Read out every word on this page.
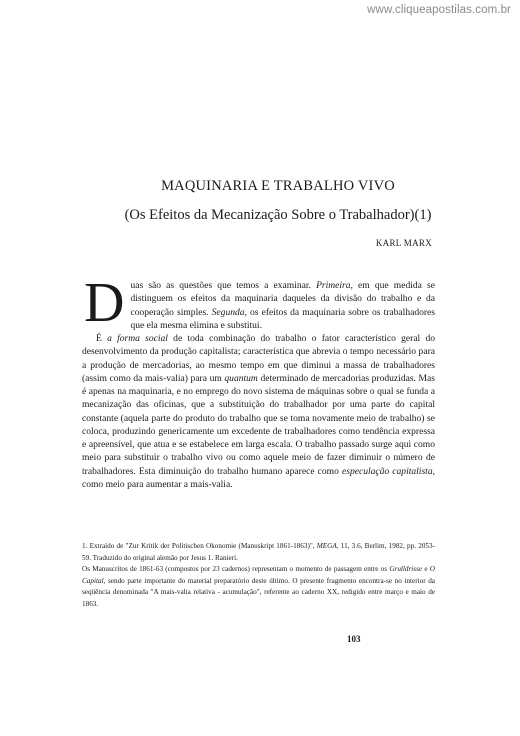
www.cliqueapostilas.com.br
MAQUINARIA E TRABALHO VIVO
(Os Efeitos da Mecanização Sobre o Trabalhador)(1)
KARL MARX

Duas são as questões que temos a examinar. Primeira, em que medida se distinguem os efeitos da maquinaria daqueles da divisão do trabalho e da cooperação simples. Segunda, os efeitos da maquinaria sobre os trabalhadores que ela mesma elimina e substitui.

É a forma social de toda combinação do trabalho o fator característico geral do desenvolvimento da produção capitalista; característica que abrevia o tempo necessário para a produção de mercadorias, ao mesmo tempo em que diminui a massa de trabalhadores (assim como da mais-valia) para um quantum determinado de mercadorias produzidas. Mas é apenas na maquinaria, e no emprego do novo sistema de máquinas sobre o qual se funda a mecanização das oficinas, que a substituição do trabalhador por uma parte do capital constante (aquela parte do produto do trabalho que se toma novamente meio de trabalho) se coloca, produzindo genericamente um excedente de trabalhadores como tendência expressa e apreensível, que atua e se estabelece em larga escala. O trabalho passado surge aqui como meio para substituir o trabalho vivo ou como aquele meio de fazer diminuir o número de trabalhadores. Esta diminuição do trabalho humano aparece como especulação capitalista, como meio para aumentar a mais-valia.

1. Extraído de "Zur Kritik der Politischen Okonomie (Manuskript 1861-1863)", MEGA, 11, 3.6, Berlim, 1982, pp. 2053-59. Traduzido do original alemão por Jesus 1. Ranieri.

Os Manuscritos de 1861-63 (compostos por 23 cadernos) representam o momento de passagem entre os Grulldrisse e O Capital, sendo parte importante do material preparatório deste último. O presente fragmento encontra-se no interior da seqüência denominada "A mais-valia relativa - acumulação", referente ao caderno XX, redigido entre março e maio de 1863.

103
